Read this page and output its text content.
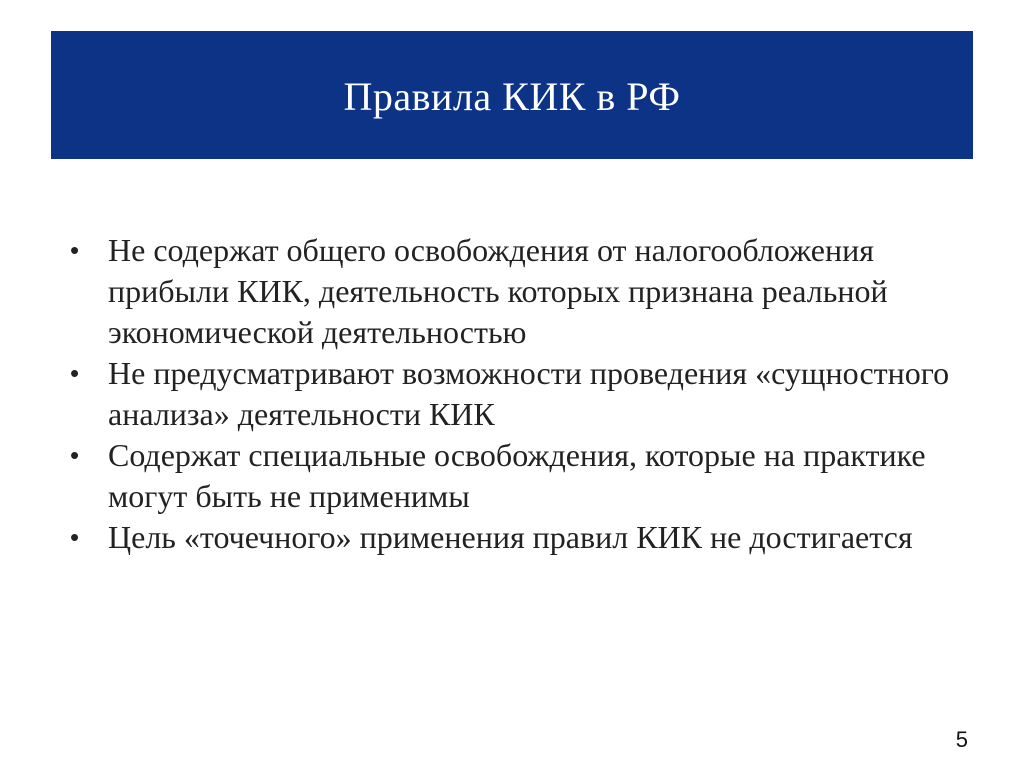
Правила КИК в РФ
• Не содержат общего освобождения от налогообложения прибыли КИК, деятельность которых признана реальной экономической деятельностью
• Не предусматривают возможности проведения «сущностного анализа» деятельности КИК
• Содержат специальные освобождения, которые на практике могут быть не применимы
• Цель «точечного» применения правил КИК не достигается
5
